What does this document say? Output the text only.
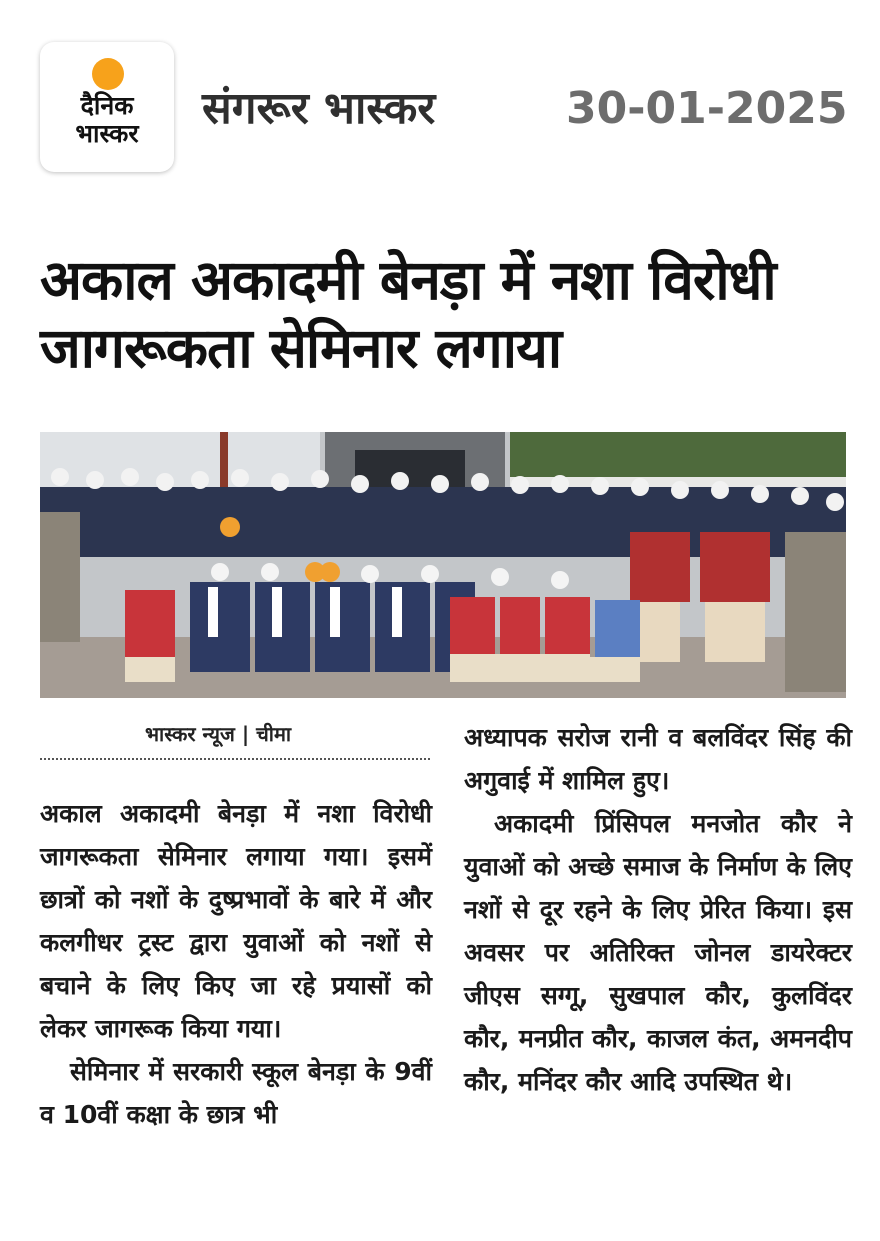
दैनिक
भास्कर	संगरूर भास्कर	30-01-2025
अकाल अकादमी बेनड़ा में नशा विरोधी जागरूकता सेमिनार लगाया
भास्कर न्यूज | चीमा

अकाल अकादमी बेनड़ा में नशा विरोधी जागरूकता सेमिनार लगाया गया। इसमें छात्रों को नशों के दुष्प्रभावों के बारे में और कलगीधर ट्रस्ट द्वारा युवाओं को नशों से बचाने के लिए किए जा रहे प्रयासों को लेकर जागरूक किया गया।

सेमिनार में सरकारी स्कूल बेनड़ा के 9वीं व 10वीं कक्षा के छात्र भी

अध्यापक सरोज रानी व बलविंदर सिंह की अगुवाई में शामिल हुए।

अकादमी प्रिंसिपल मनजोत कौर ने युवाओं को अच्छे समाज के निर्माण के लिए नशों से दूर रहने के लिए प्रेरित किया। इस अवसर पर अतिरिक्त जोनल डायरेक्टर जीएस सग्गू, सुखपाल कौर, कुलविंदर कौर, मनप्रीत कौर, काजल कंत, अमनदीप कौर, मनिंदर कौर आदि उपस्थित थे।
